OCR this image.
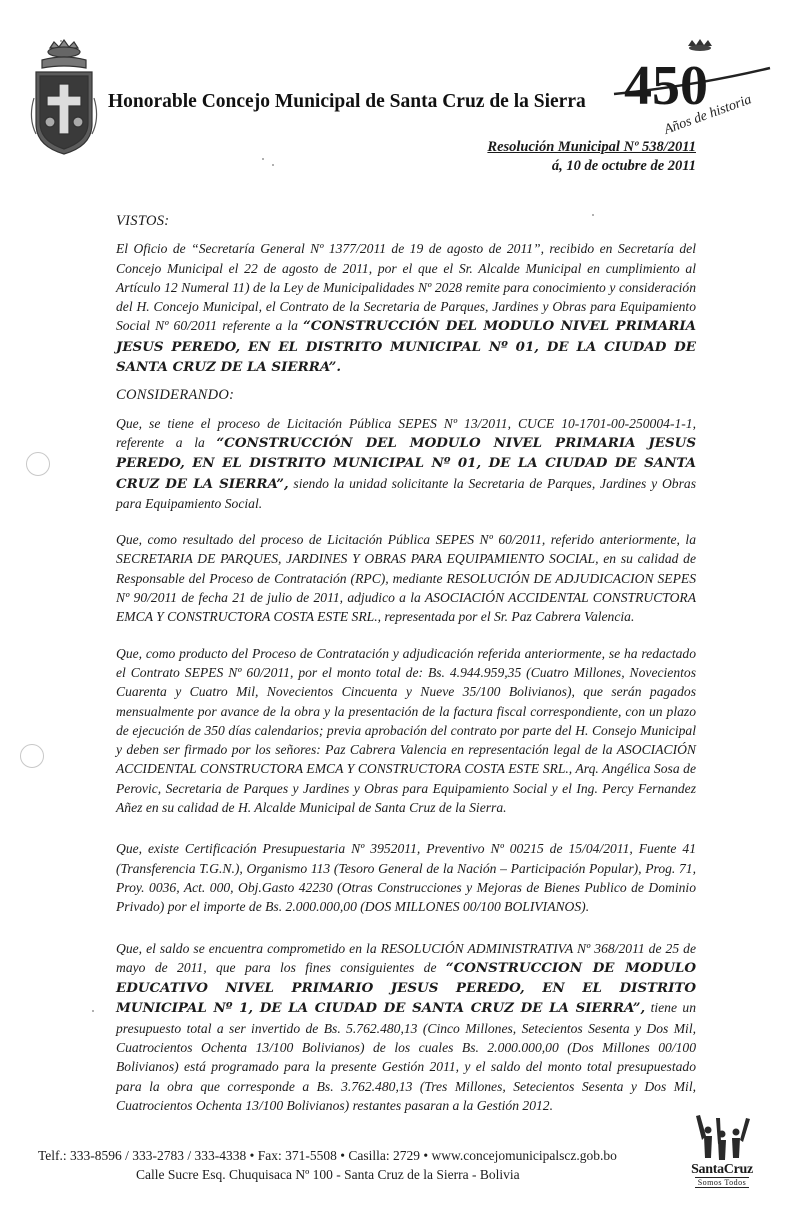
Honorable Concejo Municipal de Santa Cruz de la Sierra 450
Años de historia
Resolución Municipal Nº 538/2011
á, 10 de octubre de 2011
VISTOS:

El Oficio de “Secretaría General Nº 1377/2011 de 19 de agosto de 2011”, recibido en Secretaría del Concejo Municipal el 22 de agosto de 2011, por el que el Sr. Alcalde Municipal en cumplimiento al Artículo 12 Numeral 11) de la Ley de Municipalidades Nº 2028 remite para conocimiento y consideración del H. Concejo Municipal, el Contrato de la Secretaria de Parques, Jardines y Obras para Equipamiento Social Nº 60/2011 referente a la “CONSTRUCCIÓN DEL MODULO NIVEL PRIMARIA JESUS PEREDO, EN EL DISTRITO MUNICIPAL Nº 01, DE LA CIUDAD DE SANTA CRUZ DE LA SIERRA”.

CONSIDERANDO:

Que, se tiene el proceso de Licitación Pública SEPES Nº 13/2011, CUCE 10-1701-00-250004-1-1, referente a la “CONSTRUCCIÓN DEL MODULO NIVEL PRIMARIA JESUS PEREDO, EN EL DISTRITO MUNICIPAL Nº 01, DE LA CIUDAD DE SANTA CRUZ DE LA SIERRA”, siendo la unidad solicitante la Secretaria de Parques, Jardines y Obras para Equipamiento Social.

Que, como resultado del proceso de Licitación Pública SEPES Nº 60/2011, referido anteriormente, la SECRETARIA DE PARQUES, JARDINES Y OBRAS PARA EQUIPAMIENTO SOCIAL, en su calidad de Responsable del Proceso de Contratación (RPC), mediante RESOLUCIÓN DE ADJUDICACION SEPES Nº 90/2011 de fecha 21 de julio de 2011, adjudico a la ASOCIACIÓN ACCIDENTAL CONSTRUCTORA EMCA Y CONSTRUCTORA COSTA ESTE SRL., representada por el Sr. Paz Cabrera Valencia.

Que, como producto del Proceso de Contratación y adjudicación referida anteriormente, se ha redactado el Contrato SEPES Nº 60/2011, por el monto total de: Bs. 4.944.959,35 (Cuatro Millones, Novecientos Cuarenta y Cuatro Mil, Novecientos Cincuenta y Nueve 35/100 Bolivianos), que serán pagados mensualmente por avance de la obra y la presentación de la factura fiscal correspondiente, con un plazo de ejecución de 350 días calendarios; previa aprobación del contrato por parte del H. Consejo Municipal y deben ser firmado por los señores: Paz Cabrera Valencia en representación legal de la ASOCIACIÓN ACCIDENTAL CONSTRUCTORA EMCA Y CONSTRUCTORA COSTA ESTE SRL., Arq. Angélica Sosa de Perovic, Secretaria de Parques y Jardines y Obras para Equipamiento Social y el Ing. Percy Fernandez Añez en su calidad de H. Alcalde Municipal de Santa Cruz de la Sierra.

Que, existe Certificación Presupuestaria Nº 3952011, Preventivo Nº 00215 de 15/04/2011, Fuente 41 (Transferencia T.G.N.), Organismo 113 (Tesoro General de la Nación – Participación Popular), Prog. 71, Proy. 0036, Act. 000, Obj.Gasto 42230 (Otras Construcciones y Mejoras de Bienes Publico de Dominio Privado) por el importe de Bs. 2.000.000,00 (DOS MILLONES 00/100 BOLIVIANOS).

Que, el saldo se encuentra comprometido en la RESOLUCIÓN ADMINISTRATIVA Nº 368/2011 de 25 de mayo de 2011, que para los fines consiguientes de “CONSTRUCCION DE MODULO EDUCATIVO NIVEL PRIMARIO JESUS PEREDO, EN EL DISTRITO MUNICIPAL Nº 1, DE LA CIUDAD DE SANTA CRUZ DE LA SIERRA”, tiene un presupuesto total a ser invertido de Bs. 5.762.480,13 (Cinco Millones, Setecientos Sesenta y Dos Mil, Cuatrocientos Ochenta 13/100 Bolivianos) de los cuales Bs. 2.000.000,00 (Dos Millones 00/100 Bolivianos) está programado para la presente Gestión 2011, y el saldo del monto total presupuestado para la obra que corresponde a Bs. 3.762.480,13 (Tres Millones, Setecientos Sesenta y Dos Mil, Cuatrocientos Ochenta 13/100 Bolivianos) restantes pasaran a la Gestión 2012.

Telf.: 333-8596 / 333-2783 / 333-4338 • Fax: 371-5508 • Casilla: 2729 • www.concejomunicipalscz.gob.bo
Calle Sucre Esq. Chuquisaca Nº 100 - Santa Cruz de la Sierra - Bolivia	SantaCruz
Somos Todos
